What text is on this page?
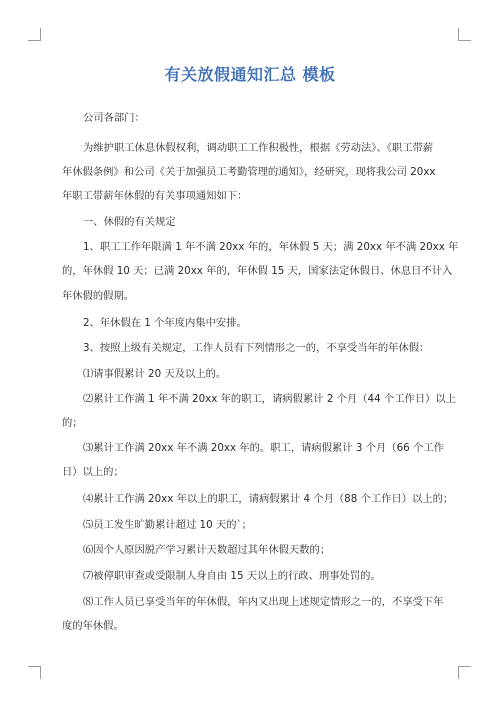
有关放假通知汇总 模板
公司各部门：
为维护职工休息休假权利，调动职工工作积极性，根据《劳动法》、《职工带薪
年休假条例》和公司《关于加强员工考勤管理的通知》，经研究，现将我公司 20xx
年职工带薪年休假的有关事项通知如下：
一、休假的有关规定
1、职工工作年限满 1 年不满 20xx 年的，年休假 5 天；满 20xx 年不满 20xx 年
的，年休假 10 天；已满 20xx 年的，年休假 15 天，国家法定休假日、休息日不计入
年休假的假期。
2、年休假在 1 个年度内集中安排。
3、按照上级有关规定，工作人员有下列情形之一的，不享受当年的年休假：
⑴请事假累计 20 天及以上的。
⑵累计工作满 1 年不满 20xx 年的职工，请病假累计 2 个月（44 个工作日）以上
的；
⑶累计工作满 20xx 年不满 20xx 年的。职工，请病假累计 3 个月（66 个工作
日）以上的；
⑷累计工作满 20xx 年以上的职工，请病假累计 4 个月（88 个工作日）以上的；
⑸员工发生旷勤累计超过 10 天的`；
⑹因个人原因脱产学习累计天数超过其年休假天数的；
⑺被停职审查或受限制人身自由 15 天以上的行政、刑事处罚的。
⑻工作人员已享受当年的年休假，年内又出现上述规定情形之一的，不享受下年
度的年休假。
